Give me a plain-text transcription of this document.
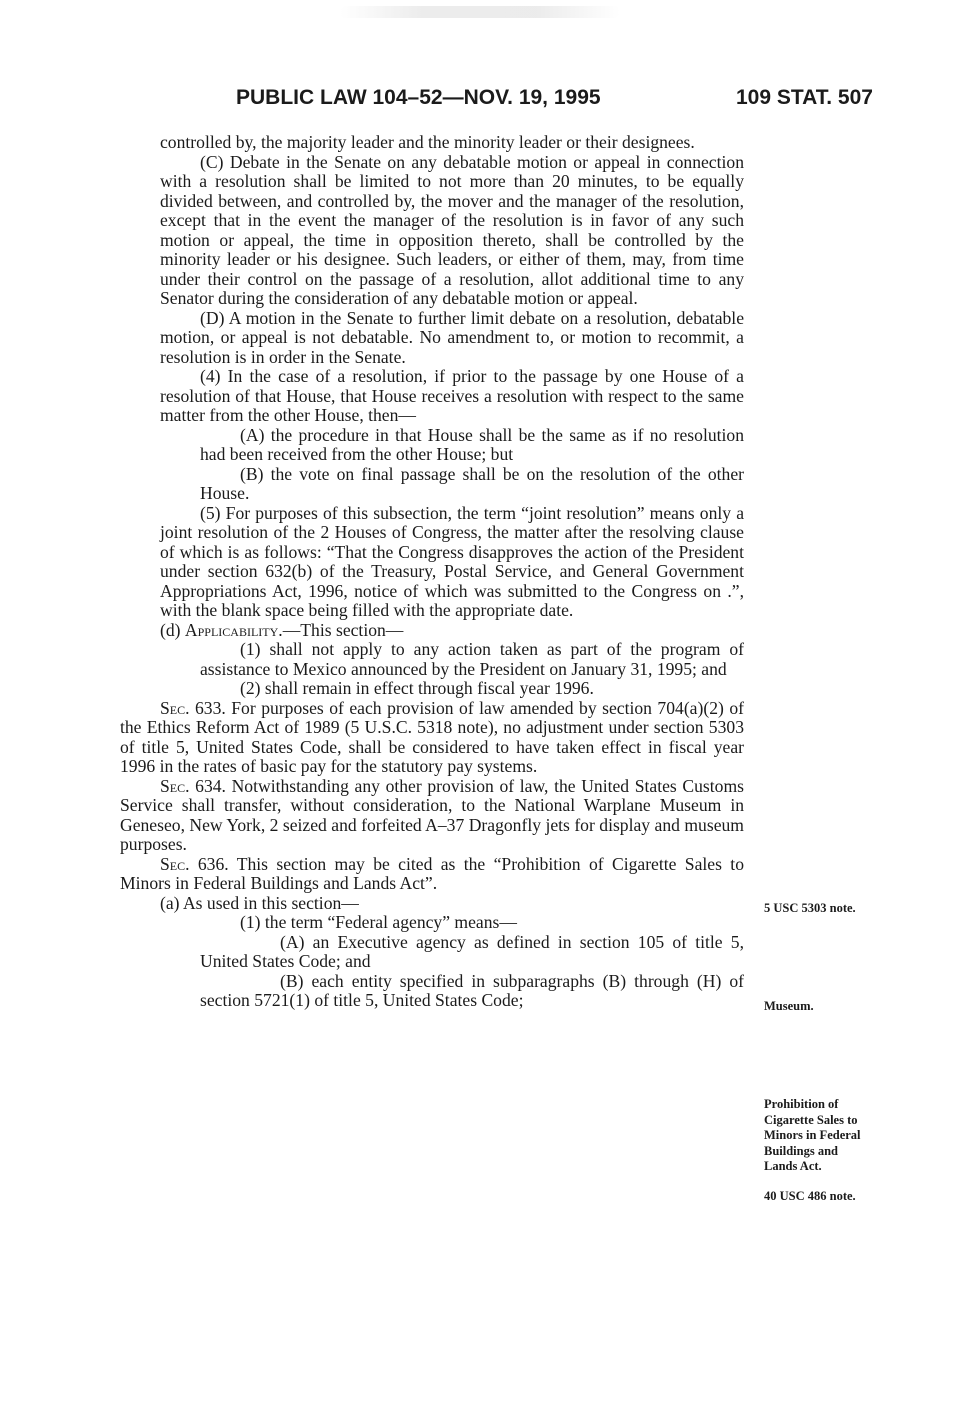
PUBLIC LAW 104–52—NOV. 19, 1995	109 STAT. 507

controlled by, the majority leader and the minority leader or their designees.

(C) Debate in the Senate on any debatable motion or appeal in connection with a resolution shall be limited to not more than 20 minutes, to be equally divided between, and controlled by, the mover and the manager of the resolution, except that in the event the manager of the resolution is in favor of any such motion or appeal, the time in opposition thereto, shall be controlled by the minority leader or his designee. Such leaders, or either of them, may, from time under their control on the passage of a resolution, allot additional time to any Senator during the consideration of any debatable motion or appeal.

(D) A motion in the Senate to further limit debate on a resolution, debatable motion, or appeal is not debatable. No amendment to, or motion to recommit, a resolution is in order in the Senate.

(4) In the case of a resolution, if prior to the passage by one House of a resolution of that House, that House receives a resolution with respect to the same matter from the other House, then—

(A) the procedure in that House shall be the same as if no resolution had been received from the other House; but

(B) the vote on final passage shall be on the resolution of the other House.

(5) For purposes of this subsection, the term “joint resolution” means only a joint resolution of the 2 Houses of Congress, the matter after the resolving clause of which is as follows: “That the Congress disapproves the action of the President under section 632(b) of the Treasury, Postal Service, and General Government Appropriations Act, 1996, notice of which was submitted to the Congress on .”, with the blank space being filled with the appropriate date.

(d) Applicability.—This section—

(1) shall not apply to any action taken as part of the program of assistance to Mexico announced by the President on January 31, 1995; and

(2) shall remain in effect through fiscal year 1996.

Sec. 633. For purposes of each provision of law amended by section 704(a)(2) of the Ethics Reform Act of 1989 (5 U.S.C. 5318 note), no adjustment under section 5303 of title 5, United States Code, shall be considered to have taken effect in fiscal year 1996 in the rates of basic pay for the statutory pay systems.

Sec. 634. Notwithstanding any other provision of law, the United States Customs Service shall transfer, without consideration, to the National Warplane Museum in Geneseo, New York, 2 seized and forfeited A–37 Dragonfly jets for display and museum purposes.

Sec. 636. This section may be cited as the “Prohibition of Cigarette Sales to Minors in Federal Buildings and Lands Act”.

(a) As used in this section—

(1) the term “Federal agency” means—

(A) an Executive agency as defined in section 105 of title 5, United States Code; and

(B) each entity specified in subparagraphs (B) through (H) of section 5721(1) of title 5, United States Code;

5 USC 5303 note.
Museum.
Prohibition of Cigarette Sales to Minors in Federal Buildings and Lands Act.
40 USC 486 note.
